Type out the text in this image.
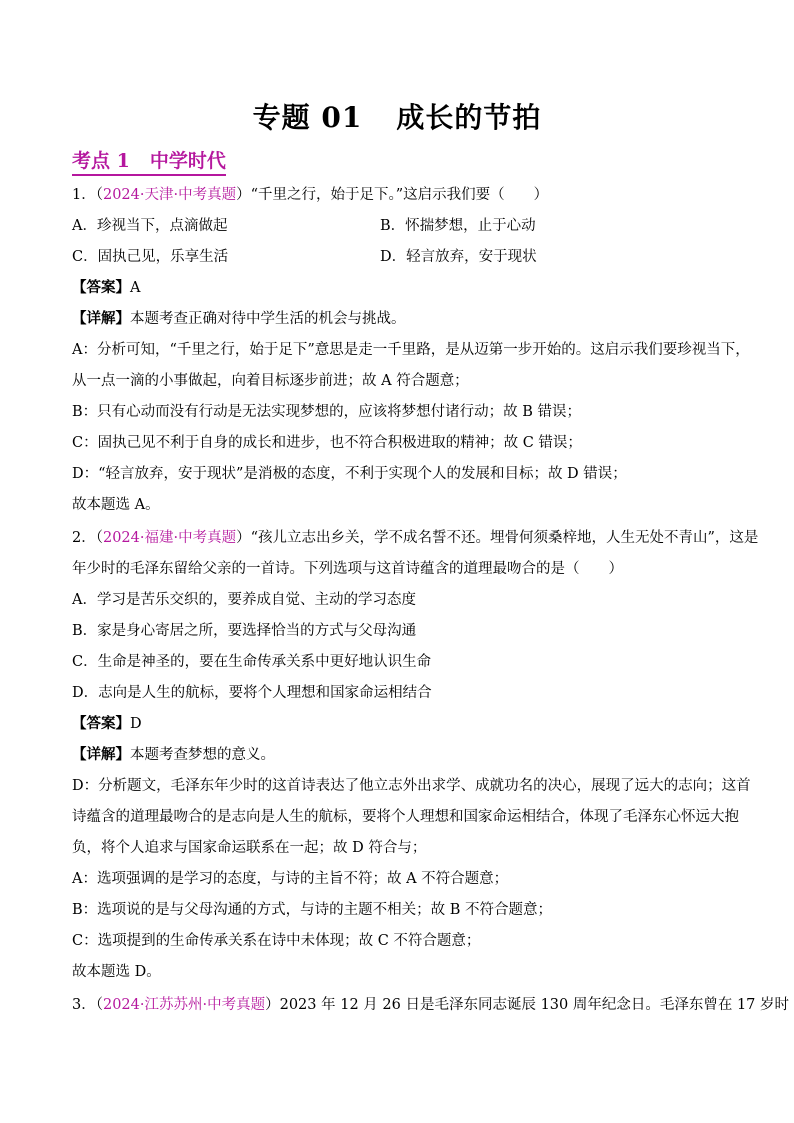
专题 01 成长的节拍
考点 1 中学时代
1．（2024·天津·中考真题）“千里之行，始于足下。”这启示我们要（　　）
A．珍视当下，点滴做起	B．怀揣梦想，止于心动
C．固执己见，乐享生活	D．轻言放弃，安于现状
【答案】A
【详解】本题考查正确对待中学生活的机会与挑战。
A：分析可知，“千里之行，始于足下”意思是走一千里路，是从迈第一步开始的。这启示我们要珍视当下，
从一点一滴的小事做起，向着目标逐步前进；故 A 符合题意；
B：只有心动而没有行动是无法实现梦想的，应该将梦想付诸行动；故 B 错误；
C：固执己见不利于自身的成长和进步，也不符合积极进取的精神；故 C 错误；
D：“轻言放弃，安于现状”是消极的态度，不利于实现个人的发展和目标；故 D 错误；
故本题选 A。
2．（2024·福建·中考真题）“孩儿立志出乡关，学不成名誓不还。埋骨何须桑梓地，人生无处不青山”，这是
年少时的毛泽东留给父亲的一首诗。下列选项与这首诗蕴含的道理最吻合的是（　　）
A．学习是苦乐交织的，要养成自觉、主动的学习态度
B．家是身心寄居之所，要选择恰当的方式与父母沟通
C．生命是神圣的，要在生命传承关系中更好地认识生命
D．志向是人生的航标，要将个人理想和国家命运相结合
【答案】D
【详解】本题考查梦想的意义。
D：分析题文，毛泽东年少时的这首诗表达了他立志外出求学、成就功名的决心，展现了远大的志向；这首
诗蕴含的道理最吻合的是志向是人生的航标，要将个人理想和国家命运相结合，体现了毛泽东心怀远大抱
负，将个人追求与国家命运联系在一起；故 D 符合与；
A：选项强调的是学习的态度，与诗的主旨不符；故 A 不符合题意；
B：选项说的是与父母沟通的方式，与诗的主题不相关；故 B 不符合题意；
C：选项提到的生命传承关系在诗中未体现；故 C 不符合题意；
故本题选 D。
3．（2024·江苏苏州·中考真题）2023 年 12 月 26 日是毛泽东同志诞辰 130 周年纪念日。毛泽东曾在 17 岁时
